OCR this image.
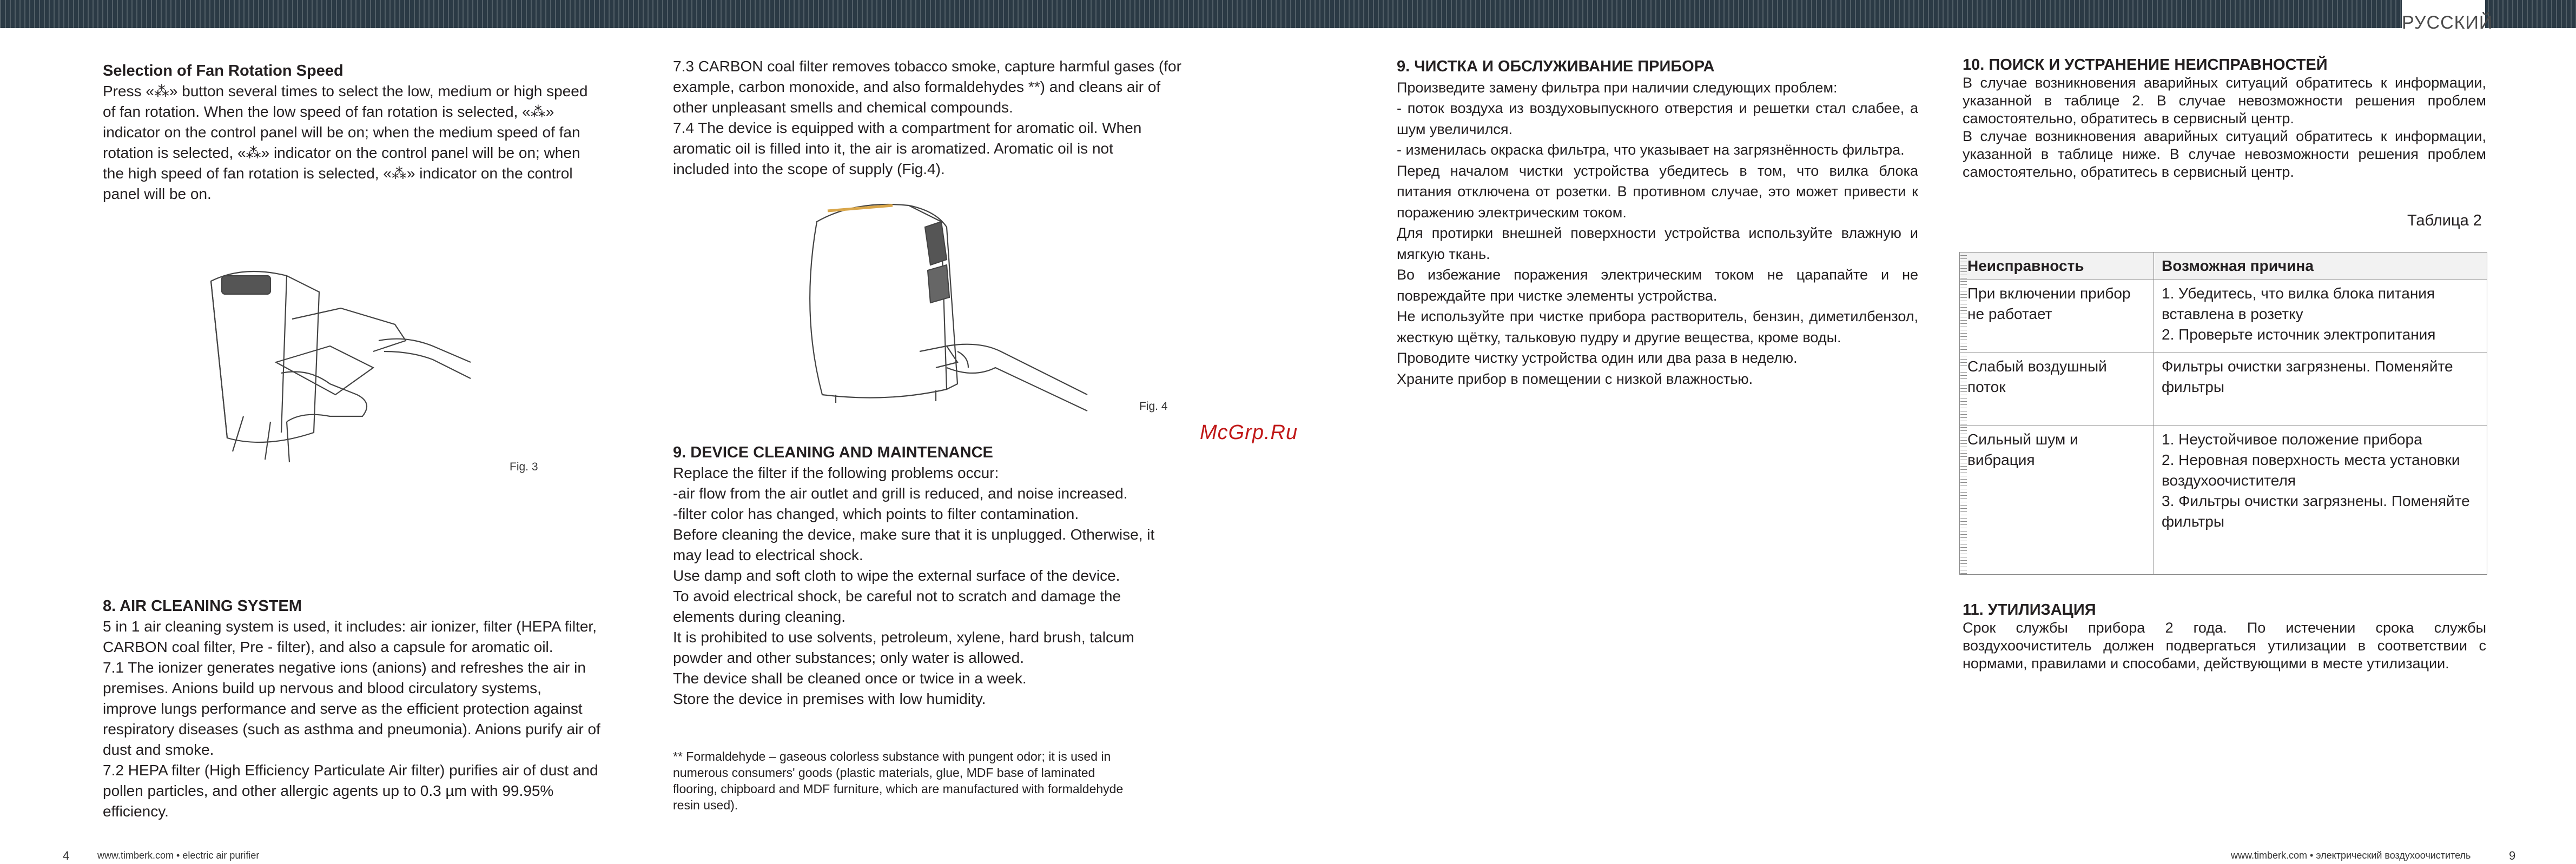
РУССКИЙ

Selection of Fan Rotation Speed

Press «⁂» button several times to select the low, medium or high speed

of fan rotation. When the low speed of fan rotation is selected, «⁂»

indicator on the control panel will be on; when the medium speed of fan

rotation is selected, «⁂» indicator on the control panel will be on; when

the high speed of fan rotation is selected, «⁂» indicator on the control

panel will be on.

Fig. 3

8. AIR CLEANING SYSTEM

5 in 1 air cleaning system is used, it includes: air ionizer, filter (HEPA filter,

CARBON coal filter, Pre - filter), and also a capsule for aromatic oil.

7.1 The ionizer generates negative ions (anions) and refreshes the air in

premises. Anions build up nervous and blood circulatory systems,

improve lungs performance and serve as the efficient protection against

respiratory diseases (such as asthma and pneumonia). Anions purify air of

dust and smoke.

7.2 HEPA filter (High Efficiency Particulate Air filter) purifies air of dust and

pollen particles, and other allergic agents up to 0.3 µm with 99.95%

efficiency.

7.3 CARBON coal filter removes tobacco smoke, capture harmful gases (for

example, carbon monoxide, and also formaldehydes **) and cleans air of

other unpleasant smells and chemical compounds.

7.4 The device is equipped with a compartment for aromatic oil. When

aromatic oil is filled into it, the air is aromatized. Aromatic oil is not

included into the scope of supply (Fig.4).

Fig. 4

9. DEVICE CLEANING AND MAINTENANCE

Replace the filter if the following problems occur:

-air flow from the air outlet and grill is reduced, and noise increased.

-filter color has changed, which points to filter contamination.

Before cleaning the device, make sure that it is unplugged. Otherwise, it

may lead to electrical shock.

Use damp and soft cloth to wipe the external surface of the device.

To avoid electrical shock, be careful not to scratch and damage the

elements during cleaning.

It is prohibited to use solvents, petroleum, xylene, hard brush, talcum

powder and other substances; only water is allowed.

The device shall be cleaned once or twice in a week.

Store the device in premises with low humidity.

** Formaldehyde – gaseous colorless substance with pungent odor; it is used in
numerous consumers' goods (plastic materials, glue, MDF base of laminated
flooring, chipboard and MDF furniture, which are manufactured with formaldehyde
resin used).
McGrp.Ru

9. ЧИСТКА И ОБСЛУЖИВАНИЕ ПРИБОРА

Произведите замену фильтра при наличии следующих проблем:

- поток воздуха из воздуховыпускного отверстия и решетки стал слабее, а шум увеличился.

- изменилась окраска фильтра, что указывает на загрязнённость фильтра.

Перед началом чистки устройства убедитесь в том, что вилка блока питания отключена от розетки. В противном случае, это может привести к поражению электрическим током.

Для протирки внешней поверхности устройства используйте влажную и мягкую ткань.

Во избежание поражения электрическим током не царапайте и не повреждайте при чистке элементы устройства.

Не используйте при чистке прибора растворитель, бензин, диметилбензол, жесткую щётку, тальковую пудру и другие вещества, кроме воды.

Проводите чистку устройства один или два раза в неделю.

Храните прибор в помещении с низкой влажностью.

10. ПОИСК И УСТРАНЕНИЕ НЕИСПРАВНОСТЕЙ

В случае возникновения аварийных ситуаций обратитесь к информации, указанной в таблице 2. В случае невозможности решения проблем самостоятельно, обратитесь в сервисный центр.

В случае возникновения аварийных ситуаций обратитесь к информации, указанной в таблице ниже. В случае невозможности решения проблем самостоятельно, обратитесь в сервисный центр.

Таблица 2
Неисправность	Возможная причина
При включении прибор не работает	1. Убедитесь, что вилка блока питания вставлена в розетку
2. Проверьте источник электропитания

Слабый воздушный поток	Фильтры очистки загрязнены. Поменяйте фильтры

Сильный шум и вибрация	1. Неустойчивое положение прибора
2. Неровная поверхность места установки воздухоочистителя
3. Фильтры очистки загрязнены. Поменяйте фильтры

11. УТИЛИЗАЦИЯ

Срок службы прибора 2 года. По истечении срока службы воздухоочиститель должен подвергаться утилизации в соответствии с нормами, правилами и способами, действующими в месте утилизации.

4	www.timberk.com • electric air purifier	www.timberk.com • электрический воздухоочиститель	9
